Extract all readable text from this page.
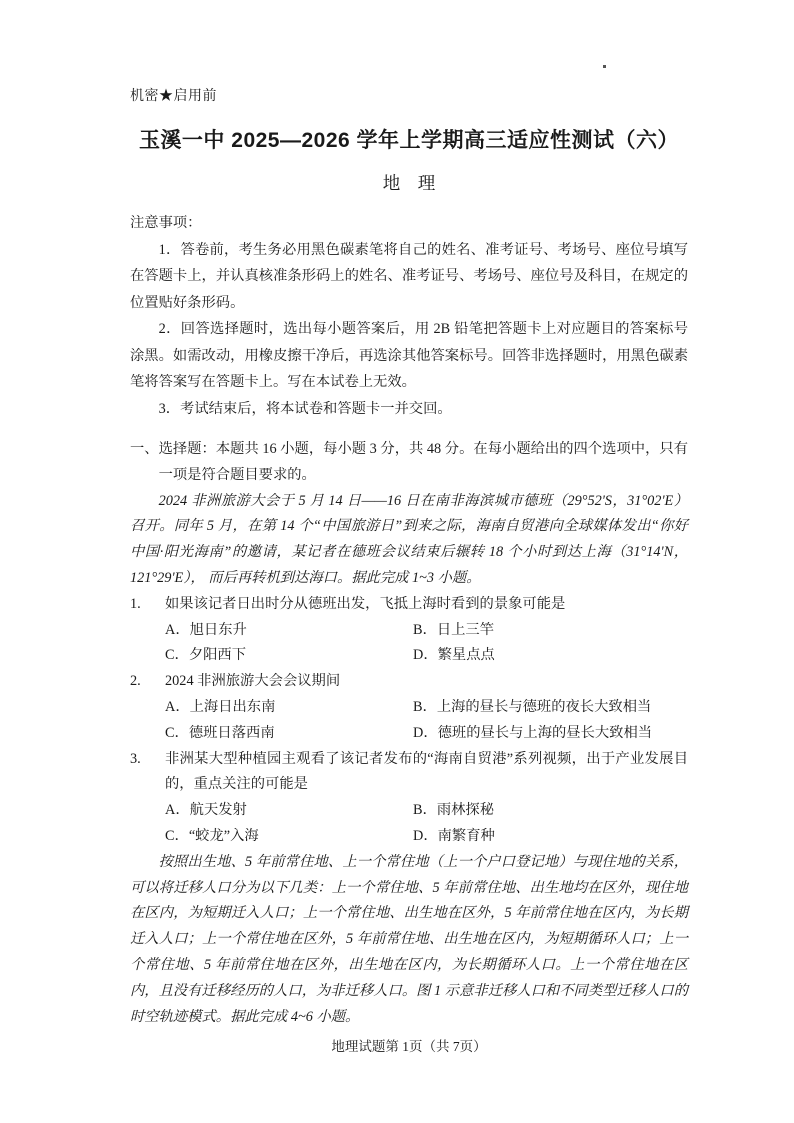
机密★启用前
玉溪一中 2025—2026 学年上学期高三适应性测试（六）
地　理
注意事项：

1．答卷前，考生务必用黑色碳素笔将自己的姓名、准考证号、考场号、座位号填写在答题卡上，并认真核准条形码上的姓名、准考证号、考场号、座位号及科目，在规定的位置贴好条形码。

2．回答选择题时，选出每小题答案后，用 2B 铅笔把答题卡上对应题目的答案标号涂黑。如需改动，用橡皮擦干净后，再选涂其他答案标号。回答非选择题时，用黑色碳素笔将答案写在答题卡上。写在本试卷上无效。

3．考试结束后，将本试卷和答题卡一并交回。

一、选择题：本题共 16 小题，每小题 3 分，共 48 分。在每小题给出的四个选项中，只有一项是符合题目要求的。

2024 非洲旅游大会于 5 月 14 日——16 日在南非海滨城市德班（29°52'S，31°02'E） 召开。同年 5 月，在第 14 个“中国旅游日”到来之际，海南自贸港向全球媒体发出“你好中国·阳光海南”的邀请，某记者在德班会议结束后辗转 18 个小时到达上海（31°14'N，121°29'E）， 而后再转机到达海口。据此完成 1~3 小题。

1.	如果该记者日出时分从德班出发，飞抵上海时看到的景象可能是
A．旭日东升	B．日上三竿
C．夕阳西下	D．繁星点点
2.	2024 非洲旅游大会会议期间
A．上海日出东南	B．上海的昼长与德班的夜长大致相当
C．德班日落西南	D．德班的昼长与上海的昼长大致相当
3.	非洲某大型种植园主观看了该记者发布的“海南自贸港”系列视频，出于产业发展目的，重点关注的可能是
A．航天发射	B．雨林探秘
C．“蛟龙”入海	D．南繁育种

按照出生地、5 年前常住地、上一个常住地（上一个户口登记地）与现住地的关系，可以将迁移人口分为以下几类：上一个常住地、5 年前常住地、出生地均在区外，现住地在区内，为短期迁入人口；上一个常住地、出生地在区外，5 年前常住地在区内，为长期迁入人口；上一个常住地在区外，5 年前常住地、出生地在区内，为短期循环人口；上一个常住地、5 年前常住地在区外，出生地在区内，为长期循环人口。上一个常住地在区内，且没有迁移经历的人口，为非迁移人口。图 1 示意非迁移人口和不同类型迁移人口的时空轨迹模式。据此完成 4~6 小题。

地理试题第 1页（共 7页）
